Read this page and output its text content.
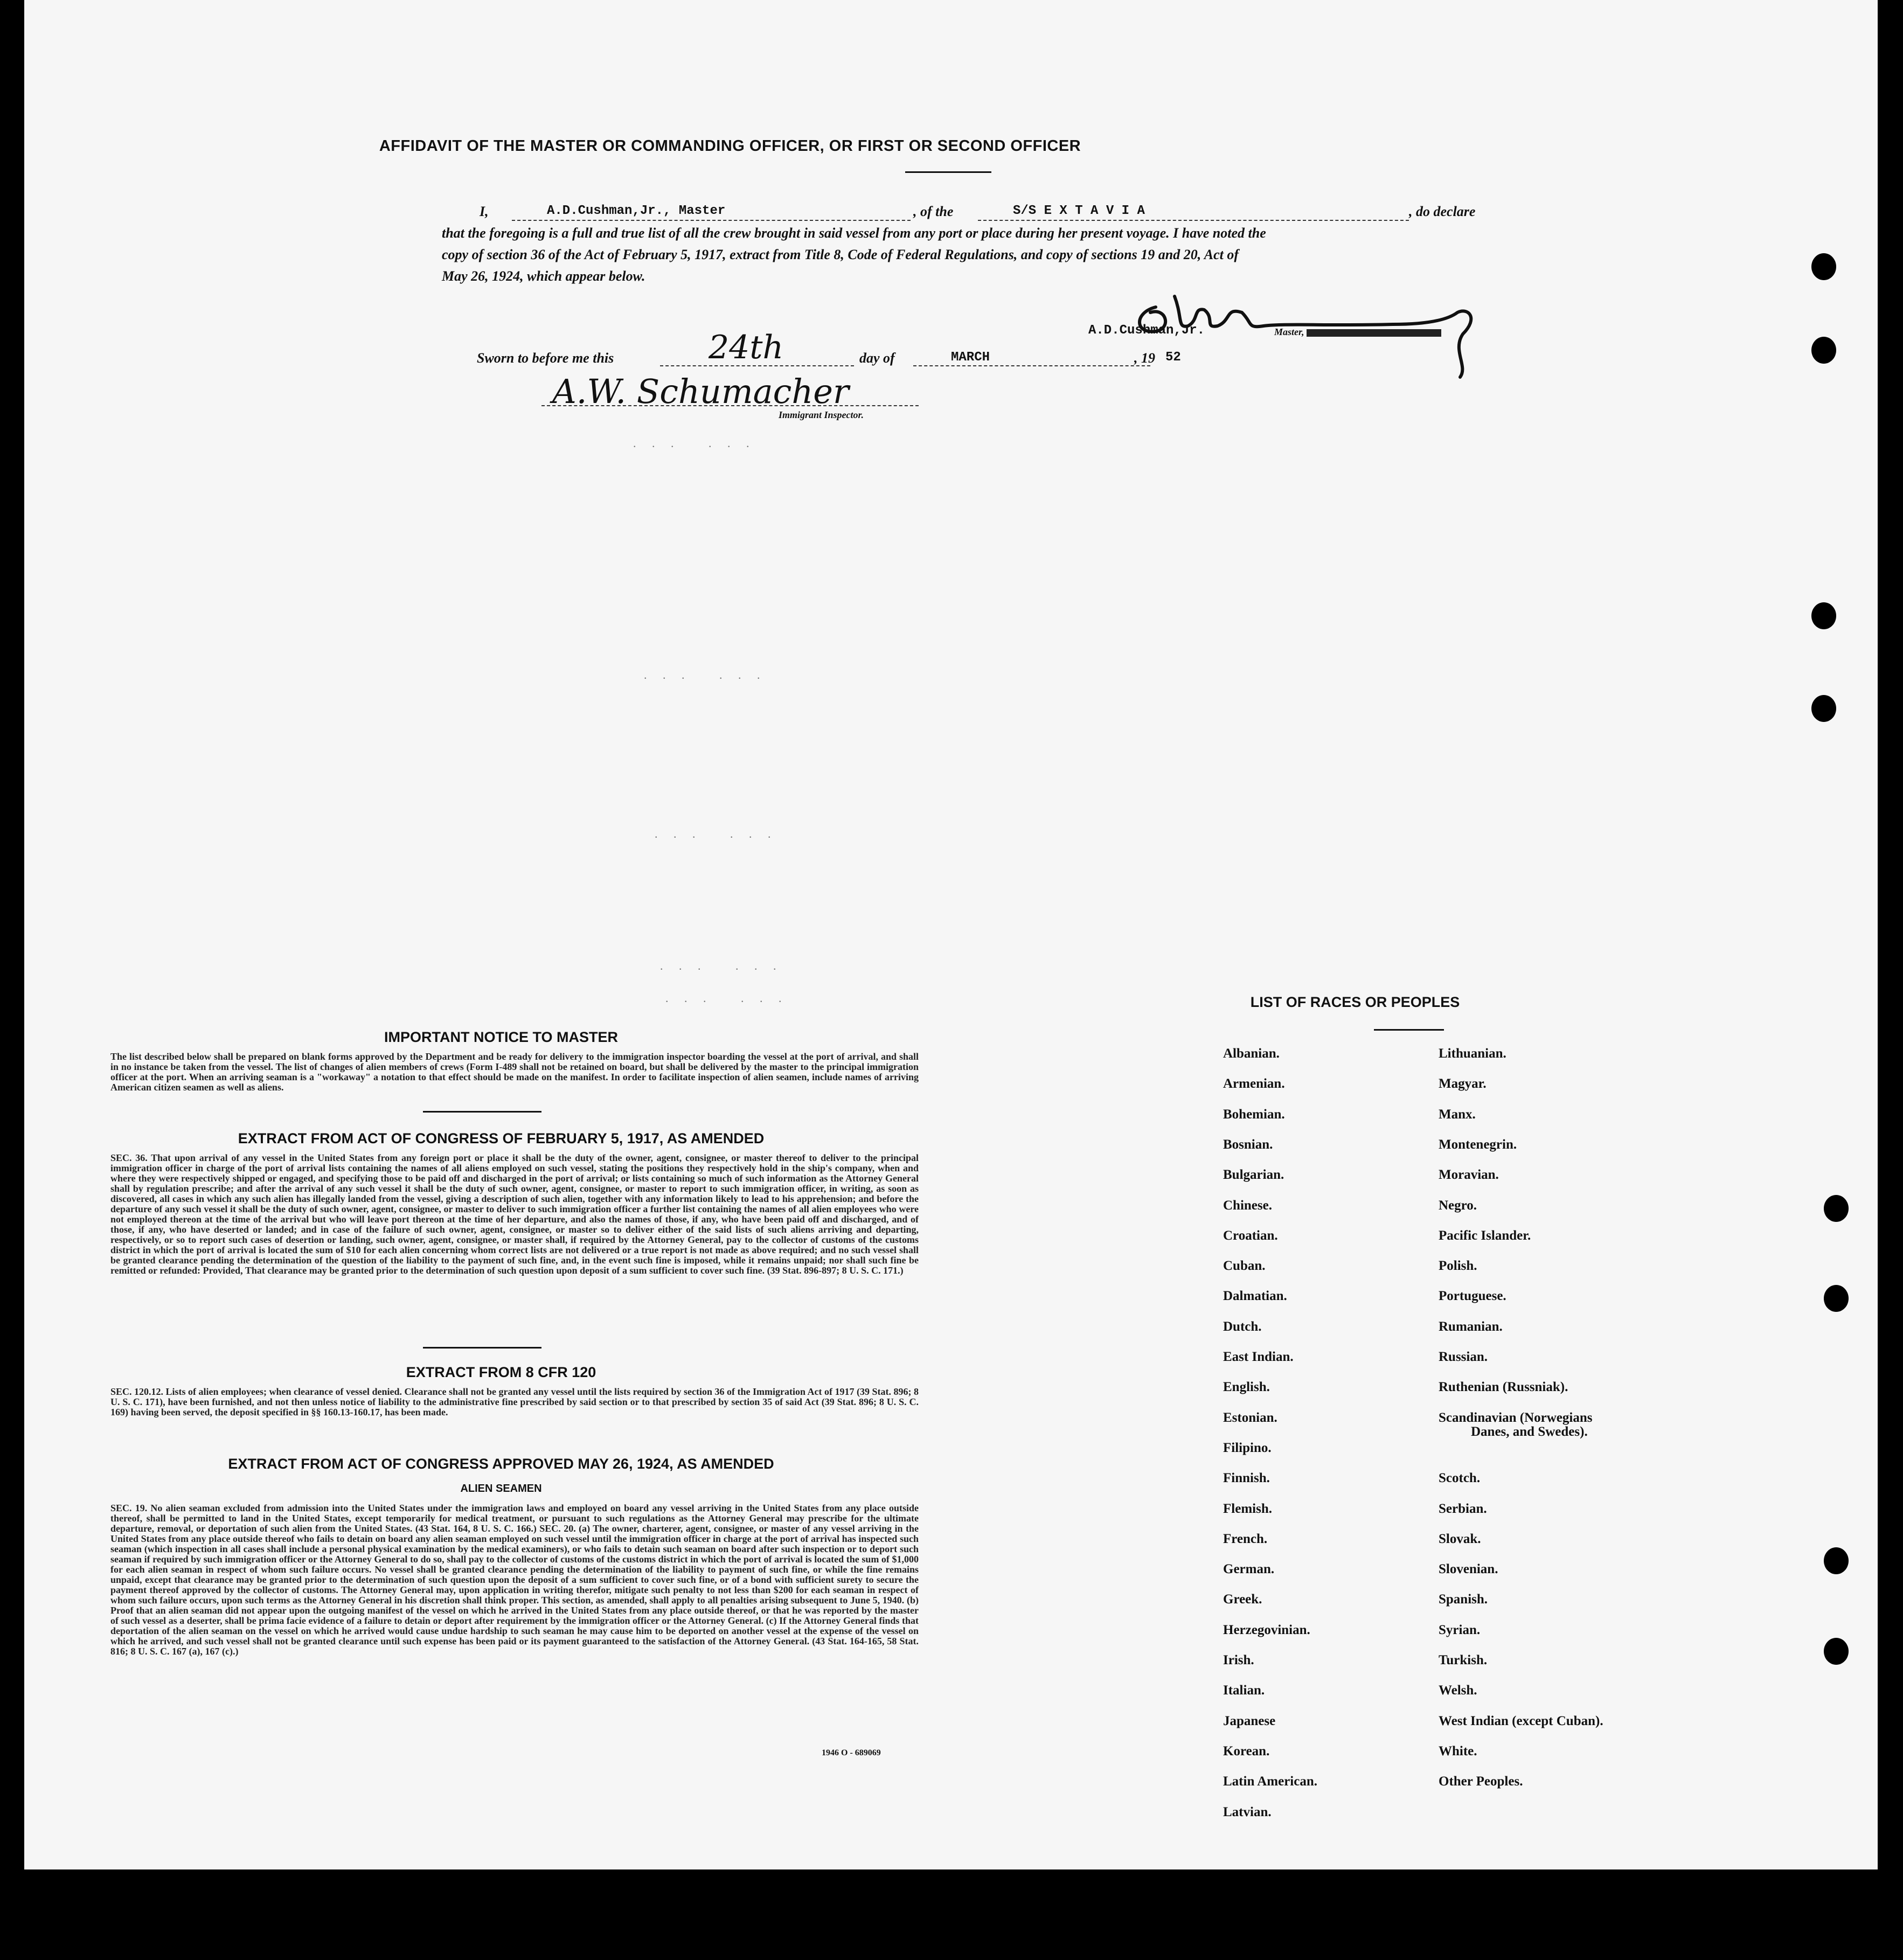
AFFIDAVIT OF THE MASTER OR COMMANDING OFFICER, OR FIRST OR SECOND OFFICER
I,	A.D.Cushman,Jr., Master	, of the	S/S E X T A V I A	, do declare
that the foregoing is a full and true list of all the crew brought in said vessel from any port or place during her present voyage. I have noted the
copy of section 36 of the Act of February 5, 1917, extract from Title 8, Code of Federal Regulations, and copy of sections 19 and 20, Act of
May 26, 1924, which appear below.
A.D.Cushman,Jr.	Master,
Sworn to before me this	24th	day of	MARCH	, 19 52
A.W. Schumacher
Immigrant Inspector.
. . .   . . .
. . .   . . .
. . .   . . .
. . .   . . .
. . .   . . .
IMPORTANT NOTICE TO MASTER
The list described below shall be prepared on blank forms approved by the Department and be ready for delivery to the immigration inspector boarding the vessel at the port of arrival, and shall in no instance be taken from the vessel. The list of changes of alien members of crews (Form I-489 shall not be retained on board, but shall be delivered by the master to the principal immigration officer at the port. When an arriving seaman is a "workaway" a notation to that effect should be made on the manifest. In order to facilitate inspection of alien seamen, include names of arriving American citizen seamen as well as aliens.
EXTRACT FROM ACT OF CONGRESS OF FEBRUARY 5, 1917, AS AMENDED
SEC. 36. That upon arrival of any vessel in the United States from any foreign port or place it shall be the duty of the owner, agent, consignee, or master thereof to deliver to the principal immigration officer in charge of the port of arrival lists containing the names of all aliens employed on such vessel, stating the positions they respectively hold in the ship's company, when and where they were respectively shipped or engaged, and specifying those to be paid off and discharged in the port of arrival; or lists containing so much of such information as the Attorney General shall by regulation prescribe; and after the arrival of any such vessel it shall be the duty of such owner, agent, consignee, or master to report to such immigration officer, in writing, as soon as discovered, all cases in which any such alien has illegally landed from the vessel, giving a description of such alien, together with any information likely to lead to his apprehension; and before the departure of any such vessel it shall be the duty of such owner, agent, consignee, or master to deliver to such immigration officer a further list containing the names of all alien employees who were not employed thereon at the time of the arrival but who will leave port thereon at the time of her departure, and also the names of those, if any, who have been paid off and discharged, and of those, if any, who have deserted or landed; and in case of the failure of such owner, agent, consignee, or master so to deliver either of the said lists of such aliens arriving and departing, respectively, or so to report such cases of desertion or landing, such owner, agent, consignee, or master shall, if required by the Attorney General, pay to the collector of customs of the customs district in which the port of arrival is located the sum of $10 for each alien concerning whom correct lists are not delivered or a true report is not made as above required; and no such vessel shall be granted clearance pending the determination of the question of the liability to the payment of such fine, and, in the event such fine is imposed, while it remains unpaid; nor shall such fine be remitted or refunded: Provided, That clearance may be granted prior to the determination of such question upon deposit of a sum sufficient to cover such fine. (39 Stat. 896-897; 8 U. S. C. 171.)
EXTRACT FROM 8 CFR 120
SEC. 120.12. Lists of alien employees; when clearance of vessel denied. Clearance shall not be granted any vessel until the lists required by section 36 of the Immigration Act of 1917 (39 Stat. 896; 8 U. S. C. 171), have been furnished, and not then unless notice of liability to the administrative fine prescribed by said section or to that prescribed by section 35 of said Act (39 Stat. 896; 8 U. S. C. 169) having been served, the deposit specified in §§ 160.13-160.17, has been made.
EXTRACT FROM ACT OF CONGRESS APPROVED MAY 26, 1924, AS AMENDED
ALIEN SEAMEN
SEC. 19. No alien seaman excluded from admission into the United States under the immigration laws and employed on board any vessel arriving in the United States from any place outside thereof, shall be permitted to land in the United States, except temporarily for medical treatment, or pursuant to such regulations as the Attorney General may prescribe for the ultimate departure, removal, or deportation of such alien from the United States. (43 Stat. 164, 8 U. S. C. 166.) SEC. 20. (a) The owner, charterer, agent, consignee, or master of any vessel arriving in the United States from any place outside thereof who fails to detain on board any alien seaman employed on such vessel until the immigration officer in charge at the port of arrival has inspected such seaman (which inspection in all cases shall include a personal physical examination by the medical examiners), or who fails to detain such seaman on board after such inspection or to deport such seaman if required by such immigration officer or the Attorney General to do so, shall pay to the collector of customs of the customs district in which the port of arrival is located the sum of $1,000 for each alien seaman in respect of whom such failure occurs. No vessel shall be granted clearance pending the determination of the liability to payment of such fine, or while the fine remains unpaid, except that clearance may be granted prior to the determination of such question upon the deposit of a sum sufficient to cover such fine, or of a bond with sufficient surety to secure the payment thereof approved by the collector of customs. The Attorney General may, upon application in writing therefor, mitigate such penalty to not less than $200 for each seaman in respect of whom such failure occurs, upon such terms as the Attorney General in his discretion shall think proper. This section, as amended, shall apply to all penalties arising subsequent to June 5, 1940. (b) Proof that an alien seaman did not appear upon the outgoing manifest of the vessel on which he arrived in the United States from any place outside thereof, or that he was reported by the master of such vessel as a deserter, shall be prima facie evidence of a failure to detain or deport after requirement by the immigration officer or the Attorney General. (c) If the Attorney General finds that deportation of the alien seaman on the vessel on which he arrived would cause undue hardship to such seaman he may cause him to be deported on another vessel at the expense of the vessel on which he arrived, and such vessel shall not be granted clearance until such expense has been paid or its payment guaranteed to the satisfaction of the Attorney General. (43 Stat. 164-165, 58 Stat. 816; 8 U. S. C. 167 (a), 167 (c).)
1946 O - 689069
LIST OF RACES OR PEOPLES
Albanian.
Armenian.
Bohemian.
Bosnian.
Bulgarian.
Chinese.
Croatian.
Cuban.
Dalmatian.
Dutch.
East Indian.
English.
Estonian.
Filipino.
Finnish.
Flemish.
French.
German.
Greek.
Herzegovinian.
Irish.
Italian.
Japanese
Korean.
Latin American.
Latvian.
Lithuanian.
Magyar.
Manx.
Montenegrin.
Moravian.
Negro.
Pacific Islander.
Polish.
Portuguese.
Rumanian.
Russian.
Ruthenian (Russniak).
Scandinavian (Norwegians
Danes, and Swedes).
Scotch.
Serbian.
Slovak.
Slovenian.
Spanish.
Syrian.
Turkish.
Welsh.
West Indian (except Cuban).
White.
Other Peoples.
